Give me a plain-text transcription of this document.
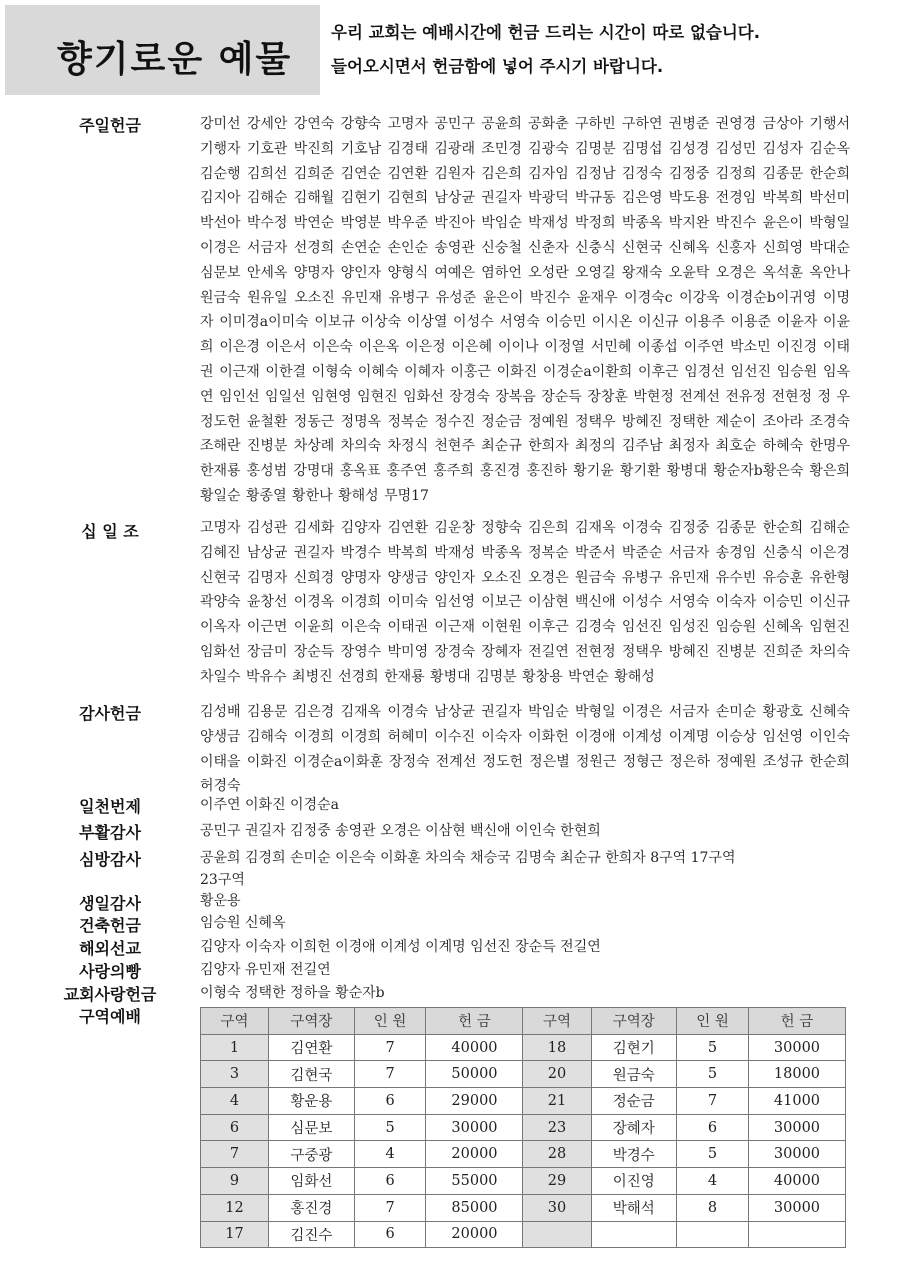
향기로운 예물
우리 교회는 예배시간에 헌금 드리는 시간이 따로 없습니다.
들어오시면서 헌금함에 넣어 주시기 바랍니다.
주일헌금	강미선 강세안 강연숙 강향숙 고명자 공민구 공윤희 공화춘 구하빈 구하연 권병준 권영경 금상아 기행서 기행자 기호관 박진희 기호남 김경태 김광래 조민경 김광숙 김명분 김명섭 김성경 김성민 김성자 김순옥 김순행 김희선 김희준 김연순 김연환 김원자 김은희 김자임 김정남 김정숙 김정중 김정희 김종문 한순희 김지아 김해순 김해월 김현기 김현희 남상균 권길자 박광덕 박규동 김은영 박도용 전경임 박복희 박선미 박선아 박수정 박연순 박영분 박우준 박진아 박임순 박재성 박정희 박종옥 박지완 박진수 윤은이 박형일 이경은 서금자 선경희 손연순 손인순 송영관 신숭철 신춘자 신충식 신현국 신혜옥 신홍자 신희영 박대순 심문보 안세옥 양명자 양인자 양형식 여예은 염하언 오성란 오영길 왕재숙 오윤탁 오경은 옥석훈 옥안나 원금숙 원유일 오소진 유민재 유병구 유성준 윤은이 박진수 윤재우 이경숙c 이강욱 이경순b이귀영 이명자 이미경a이미숙 이보규 이상숙 이상열 이성수 서영숙 이승민 이시온 이신규 이용주 이용준 이윤자 이윤희 이은경 이은서 이은숙 이은옥 이은정 이은혜 이이나 이정열 서민혜 이종섭 이주연 박소민 이진경 이태권 이근재 이한결 이형숙 이혜숙 이혜자 이홍근 이화진 이경순a이환희 이후근 임경선 임선진 임승원 임옥연 임인선 임일선 임현영 임현진 임화선 장경숙 장복음 장순득 장창훈 박현정 전계선 전유정 전현정 정 우 정도헌 윤철환 정동근 정명옥 정복순 정수진 정순금 정예원 정택우 방혜진 정택한 제순이 조아라 조경숙 조해란 진병분 차상례 차의숙 차정식 천현주 최순규 한희자 최정의 김주남 최정자 최호순 하혜숙 한명우 한재룡 홍성범 강명대 홍옥표 홍주연 홍주희 홍진경 홍진하 황기윤 황기환 황병대 황순자b황은숙 황은희 황일순 황종열 황한나 황해성 무명17
십 일 조	고명자 김성관 김세화 김양자 김연환 김운창 정향숙 김은희 김재옥 이경숙 김정중 김종문 한순희 김해순 김혜진 남상균 권길자 박경수 박복희 박재성 박종옥 정복순 박준서 박준순 서금자 송경임 신충식 이은경 신현국 김명자 신희경 양명자 양생금 양인자 오소진 오경은 원금숙 유병구 유민재 유수빈 유승훈 유한형 곽양숙 윤창선 이경옥 이경희 이미숙 임선영 이보근 이삼현 백신애 이성수 서영숙 이숙자 이승민 이신규 이옥자 이근면 이윤희 이은숙 이태권 이근재 이현원 이후근 김경숙 임선진 임성진 임승원 신혜옥 임현진 임화선 장금미 장순득 장영수 박미영 장경숙 장혜자 전길연 전현정 정택우 방혜진 진병분 진희준 차의숙 차일수 박유수 최병진 선경희 한재룡 황병대 김명분 황창용 박연순 황해성
감사헌금	김성배 김용문 김은경 김재옥 이경숙 남상균 권길자 박임순 박형일 이경은 서금자 손미순 황광호 신혜숙 양생금 김해숙 이경희 이경희 허혜미 이수진 이숙자 이화헌 이경애 이계성 이계명 이승상 임선영 이인숙 이태을 이화진 이경순a이화훈 장정숙 전계선 정도헌 정은별 정원근 정형근 정은하 정예원 조성규 한순희 허경숙
일천번제	이주연 이화진 이경순a
부활감사	공민구 권길자 김정중 송영관 오경은 이삼현 백신애 이인숙 한현희
심방감사	공윤희 김경희 손미순 이은숙 이화훈 차의숙 채승국 김명숙 최순규 한희자 8구역 17구역
23구역
생일감사	황운용
건축헌금	임승원 신혜옥
해외선교	김양자 이숙자 이희헌 이경애 이계성 이계명 임선진 장순득 전길연
사랑의빵	김양자 유민재 전길연
교회사랑헌금	이형숙 정택한 정하을 황순자b
구역예배	구역	구역장	인 원	헌 금	구역	구역장	인 원	헌 금
1	김연환	7	40000	18	김현기	5	30000
3	김현국	7	50000	20	원금숙	5	18000
4	황운용	6	29000	21	정순금	7	41000
6	심문보	5	30000	23	장혜자	6	30000
7	구중광	4	20000	28	박경수	5	30000
9	임화선	6	55000	29	이진영	4	40000
12	홍진경	7	85000	30	박해석	8	30000
17	김진수	6	20000				
